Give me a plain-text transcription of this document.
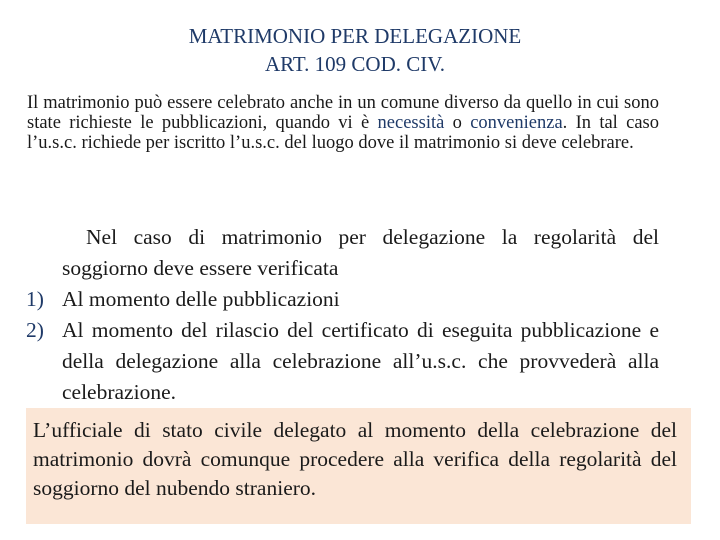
MATRIMONIO PER DELEGAZIONE
ART. 109 COD. CIV.
Il matrimonio può essere celebrato anche in un comune diverso da quello in cui sono state richieste le pubblicazioni, quando vi è necessità o convenienza. In tal caso l’u.s.c. richiede per iscritto l’u.s.c. del luogo dove il matrimonio si deve celebrare.
Nel caso di matrimonio per delegazione la regolarità del soggiorno deve essere verificata
1) Al momento delle pubblicazioni
2) Al momento del rilascio del certificato di eseguita pubblicazione e della delegazione alla celebrazione all’u.s.c. che provvederà alla celebrazione.
L’ufficiale di stato civile delegato al momento della celebrazione del matrimonio dovrà comunque procedere alla verifica della regolarità del soggiorno del nubendo straniero.
